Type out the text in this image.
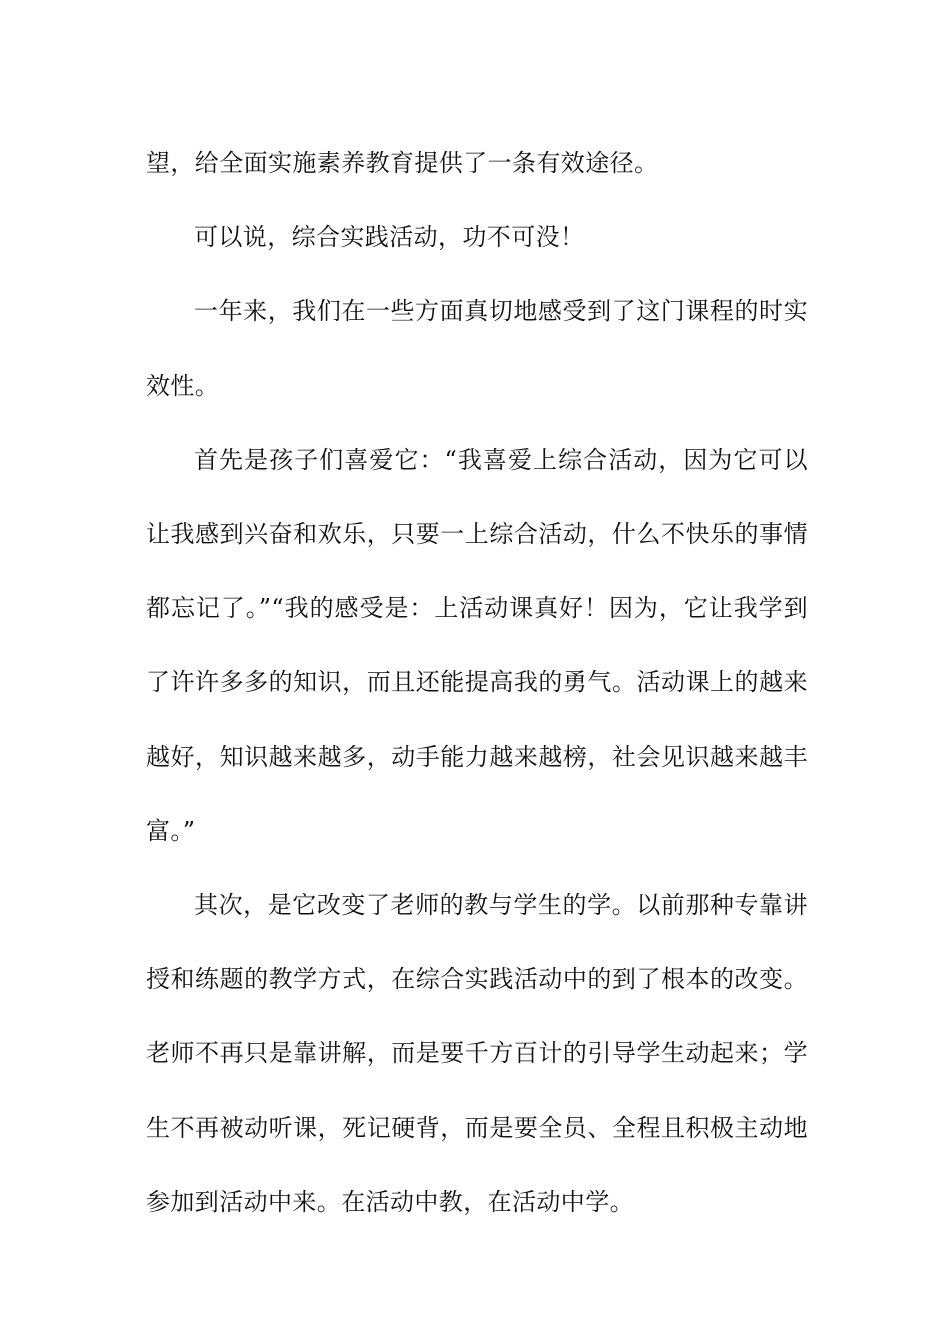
望，给全面实施素养教育提供了一条有效途径。

可以说，综合实践活动，功不可没！

一年来，我们在一些方面真切地感受到了这门课程的时实效性。

首先是孩子们喜爱它：“我喜爱上综合活动，因为它可以让我感到兴奋和欢乐，只要一上综合活动，什么不快乐的事情都忘记了。”“我的感受是：上活动课真好！因为，它让我学到了许许多多的知识，而且还能提高我的勇气。活动课上的越来越好，知识越来越多，动手能力越来越榜，社会见识越来越丰富。”

其次，是它改变了老师的教与学生的学。以前那种专靠讲授和练题的教学方式，在综合实践活动中的到了根本的改变。老师不再只是靠讲解，而是要千方百计的引导学生动起来；学生不再被动听课，死记硬背，而是要全员、全程且积极主动地参加到活动中来。在活动中教，在活动中学。
